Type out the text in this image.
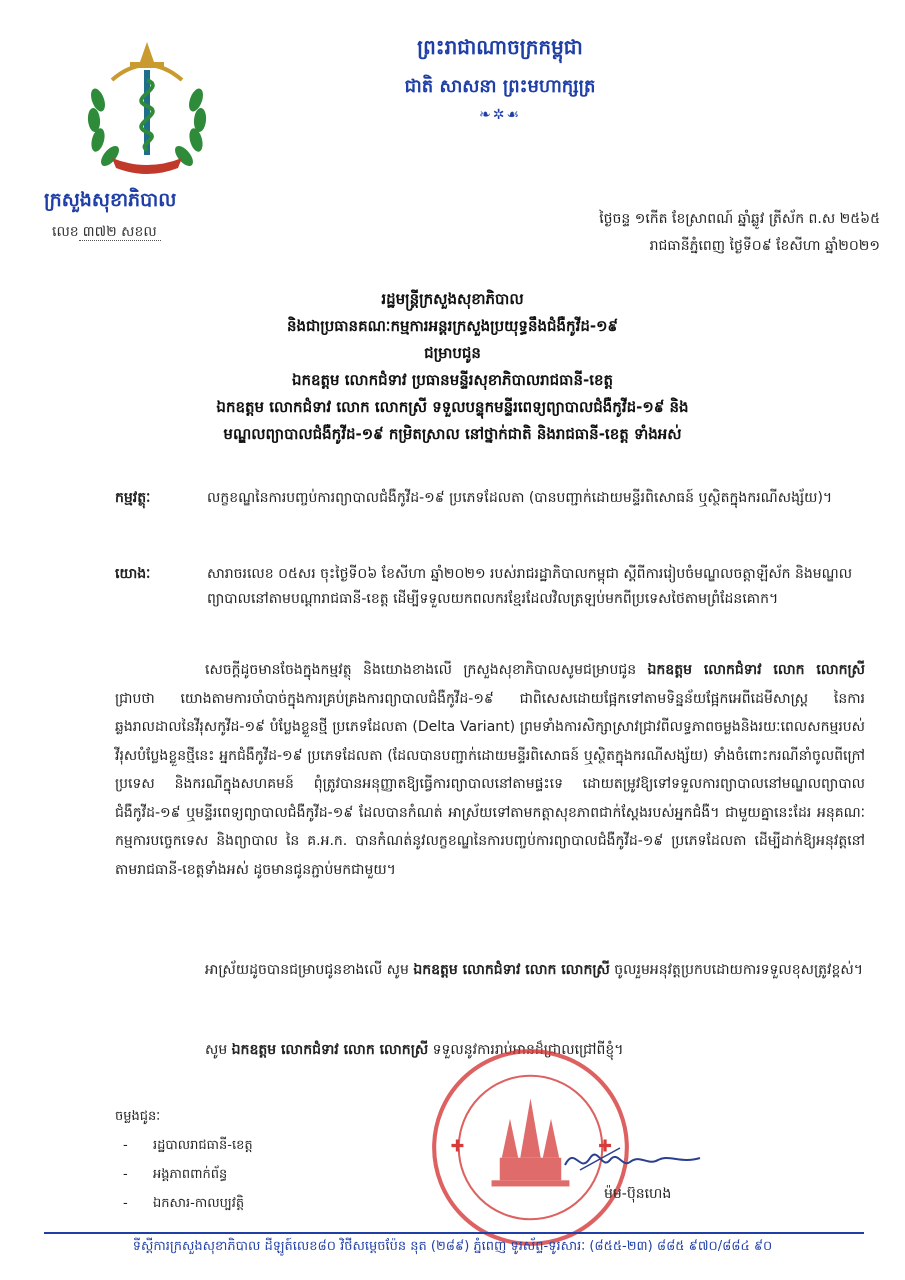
ក្រសួងសុខាភិបាល
លេខ ៣៧២ សខល
ព្រះរាជាណាចក្រកម្ពុជា
ជាតិ សាសនា ព្រះមហាក្សត្រ
❧✲☙
ថ្ងៃចន្ទ ១កើត ខែស្រាពណ៍ ឆ្នាំឆ្លូវ ត្រីស័ក ព.ស ២៥៦៥
រាជធានីភ្នំពេញ ថ្ងៃទី០៩ ខែសីហា ឆ្នាំ២០២១
រដ្ឋមន្ត្រីក្រសួងសុខាភិបាល
និងជាប្រធានគណៈកម្មការអន្តរក្រសួងប្រយុទ្ធនឹងជំងឺកូវីដ-១៩
ជម្រាបជូន
ឯកឧត្តម លោកជំទាវ ប្រធានមន្ទីរសុខាភិបាលរាជធានី-ខេត្ត
ឯកឧត្តម លោកជំទាវ លោក លោកស្រី ទទួលបន្ទុកមន្ទីរពេទ្យព្យាបាលជំងឺកូវីដ-១៩ និង
មណ្ឌលព្យាបាលជំងឺកូវីដ-១៩ កម្រិតស្រាល នៅថ្នាក់ជាតិ និងរាជធានី-ខេត្ត ទាំងអស់
កម្មវត្ថុៈ	លក្ខខណ្ឌនៃការបញ្ចប់ការព្យាបាលជំងឺកូវីដ-១៩ ប្រភេទដែលតា (បានបញ្ជាក់ដោយមន្ទីរពិសោធន៍ ឬស្ថិតក្នុងករណីសង្ស័យ)។
យោងៈ	សារាចរលេខ ០៥សរ ចុះថ្ងៃទី០៦ ខែសីហា ឆ្នាំ២០២១ របស់រាជរដ្ឋាភិបាលកម្ពុជា ស្តីពីការរៀបចំមណ្ឌលចត្តាឡីស័ក និងមណ្ឌលព្យាបាលនៅតាមបណ្តារាជធានី-ខេត្ត ដើម្បីទទួលយកពលករខ្មែរដែលវិលត្រឡប់មកពីប្រទេសថៃតាមព្រំដែនគោក។
សេចក្តីដូចមានចែងក្នុងកម្មវត្ថុ និងយោងខាងលើ ក្រសួងសុខាភិបាលសូមជម្រាបជូន ឯកឧត្តម លោកជំទាវ លោក លោកស្រី ជ្រាបថា យោងតាមការចាំបាច់ក្នុងការគ្រប់គ្រងការព្យាបាលជំងឺកូវីដ-១៩ ជាពិសេសដោយផ្អែកទៅតាមទិន្នន័យផ្អែកអេពីដេមីសាស្ត្រ នៃការឆ្លងរាលដាលនៃវីរុសកូវីដ-១៩ បំប្លែងខ្លួនថ្មី ប្រភេទដែលតា (Delta Variant) ព្រមទាំងការសិក្សាស្រាវជ្រាវពីលទ្ធភាពចម្លងនិងរយៈពេលសកម្មរបស់វីរុសបំប្លែងខ្លួនថ្មីនេះ អ្នកជំងឺកូវីដ-១៩ ប្រភេទដែលតា (ដែលបានបញ្ជាក់ដោយមន្ទីរពិសោធន៍ ឬស្ថិតក្នុងករណីសង្ស័យ) ទាំងចំពោះករណីនាំចូលពីក្រៅប្រទេស និងករណីក្នុងសហគមន៍ ពុំត្រូវបានអនុញ្ញាតឱ្យធ្វើការព្យាបាលនៅតាមផ្ទះទេ ដោយតម្រូវឱ្យទៅទទួលការព្យាបាលនៅមណ្ឌលព្យាបាលជំងឺកូវីដ-១៩ ឬមន្ទីរពេទ្យព្យាបាលជំងឺកូវីដ-១៩ ដែលបានកំណត់ អាស្រ័យទៅតាមកត្តាសុខភាពជាក់ស្តែងរបស់អ្នកជំងឺ។ ជាមួយគ្នានេះដែរ អនុគណៈកម្មការបច្ចេកទេស និងព្យាបាល នៃ គ.អ.ក. បានកំណត់នូវលក្ខខណ្ឌនៃការបញ្ចប់ការព្យាបាលជំងឺកូវីដ-១៩ ប្រភេទដែលតា ដើម្បីដាក់ឱ្យអនុវត្តនៅតាមរាជធានី-ខេត្តទាំងអស់ ដូចមានជូនភ្ជាប់មកជាមួយ។
អាស្រ័យដូចបានជម្រាបជូនខាងលើ សូម ឯកឧត្តម លោកជំទាវ លោក លោកស្រី ចូលរួមអនុវត្តប្រកបដោយការទទួលខុសត្រូវខ្ពស់។
សូម ឯកឧត្តម លោកជំទាវ លោក លោកស្រី ទទួលនូវការរាប់អានដ៏ជ្រាលជ្រៅពីខ្ញុំ។
ចម្លងជូនៈ
- រដ្ឋបាលរាជធានី-ខេត្ត
- អង្គភាពពាក់ព័ន្ធ
- ឯកសារ-កាលប្បវត្តិ
✚	✚
ម៉ម-ប៊ុនហេង
ទីស្តីការក្រសួងសុខាភិបាល ដីឡូត៍លេខ៨០ វិថីសម្តេចប៉ែន នុត (២៨៩) ភ្នំពេញ ទូរស័ព្ទ-ទូរសារៈ (៨៥៥-២៣) ៨៨៥ ៩៧០/៨៨៤ ៩០
